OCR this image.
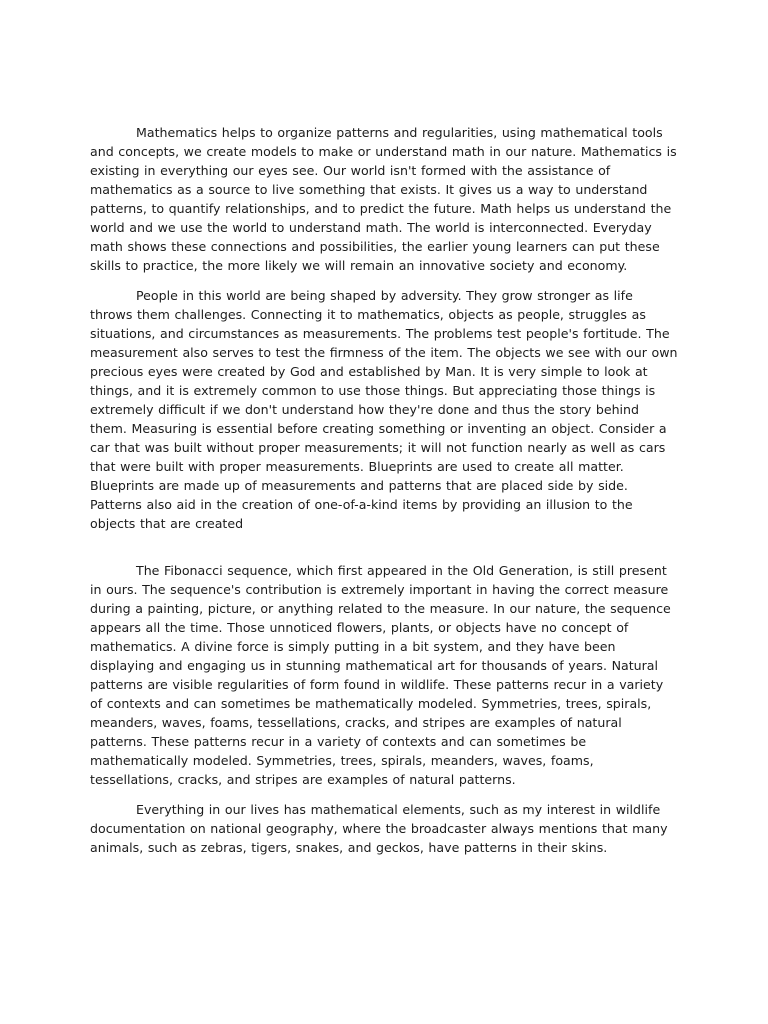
Mathematics helps to organize patterns and regularities, using mathematical tools and concepts, we create models to make or understand math in our nature. Mathematics is existing in everything our eyes see. Our world isn't formed with the assistance of mathematics as a source to live something that exists. It gives us a way to understand patterns, to quantify relationships, and to predict the future. Math helps us understand the world and we use the world to understand math. The world is interconnected. Everyday math shows these connections and possibilities, the earlier young learners can put these skills to practice, the more likely we will remain an innovative society and economy.

People in this world are being shaped by adversity. They grow stronger as life throws them challenges. Connecting it to mathematics, objects as people, struggles as situations, and circumstances as measurements. The problems test people's fortitude. The measurement also serves to test the firmness of the item. The objects we see with our own precious eyes were created by God and established by Man. It is very simple to look at things, and it is extremely common to use those things. But appreciating those things is extremely difficult if we don't understand how they're done and thus the story behind them. Measuring is essential before creating something or inventing an object. Consider a car that was built without proper measurements; it will not function nearly as well as cars that were built with proper measurements. Blueprints are used to create all matter. Blueprints are made up of measurements and patterns that are placed side by side. Patterns also aid in the creation of one-of-a-kind items by providing an illusion to the objects that are created

The Fibonacci sequence, which first appeared in the Old Generation, is still present in ours. The sequence's contribution is extremely important in having the correct measure during a painting, picture, or anything related to the measure. In our nature, the sequence appears all the time. Those unnoticed flowers, plants, or objects have no concept of mathematics. A divine force is simply putting in a bit system, and they have been displaying and engaging us in stunning mathematical art for thousands of years. Natural patterns are visible regularities of form found in wildlife. These patterns recur in a variety of contexts and can sometimes be mathematically modeled. Symmetries, trees, spirals, meanders, waves, foams, tessellations, cracks, and stripes are examples of natural patterns. These patterns recur in a variety of contexts and can sometimes be mathematically modeled. Symmetries, trees, spirals, meanders, waves, foams, tessellations, cracks, and stripes are examples of natural patterns.

Everything in our lives has mathematical elements, such as my interest in wildlife documentation on national geography, where the broadcaster always mentions that many animals, such as zebras, tigers, snakes, and geckos, have patterns in their skins.
